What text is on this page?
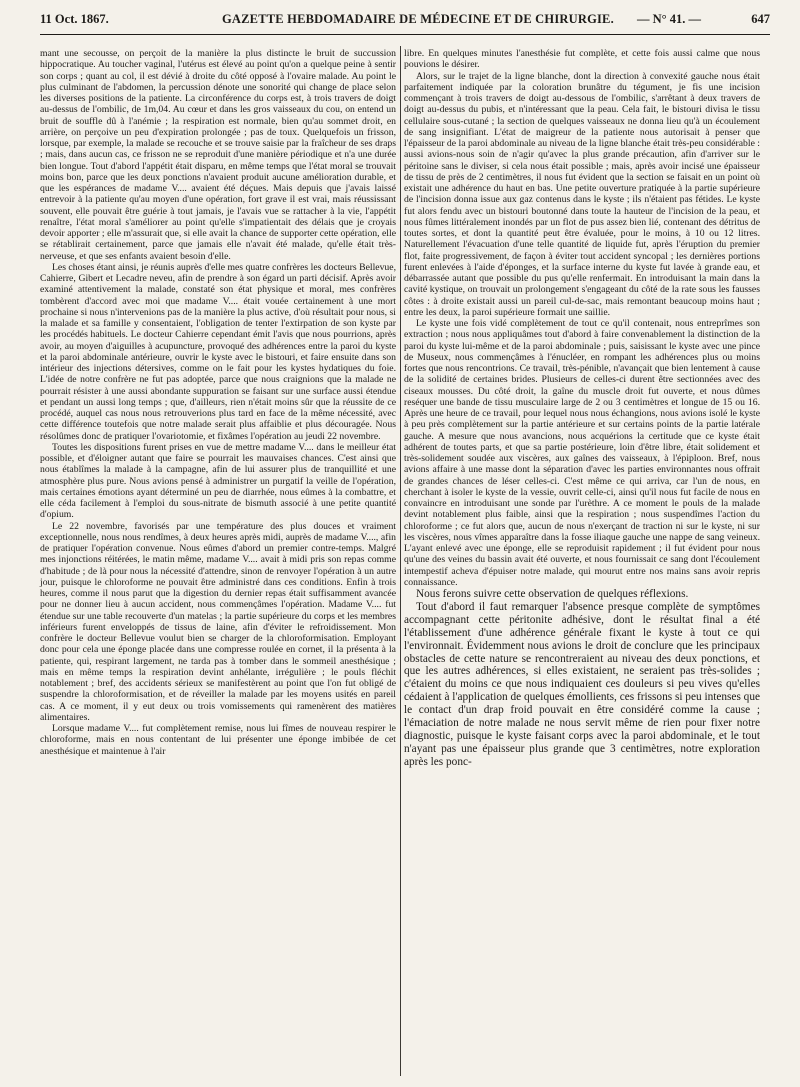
11 Oct. 1867.	GAZETTE HEBDOMADAIRE DE MÉDECINE ET DE CHIRURGIE. — N° 41. —	647

mant une secousse, on perçoit de la manière la plus distincte le bruit de succussion hippocratique. Au toucher vaginal, l'utérus est élevé au point qu'on a quelque peine à sentir son corps ; quant au col, il est dévié à droite du côté opposé à l'ovaire malade. Au point le plus culminant de l'abdomen, la percussion dénote une sonorité qui change de place selon les diverses positions de la patiente. La circonférence du corps est, à trois travers de doigt au-dessus de l'ombilic, de 1m,04. Au cœur et dans les gros vaisseaux du cou, on entend un bruit de souffle dû à l'anémie ; la respiration est normale, bien qu'au sommet droit, en arrière, on perçoive un peu d'expiration prolongée ; pas de toux. Quelquefois un frisson, lorsque, par exemple, la malade se recouche et se trouve saisie par la fraîcheur de ses draps ; mais, dans aucun cas, ce frisson ne se reproduit d'une manière périodique et n'a une durée bien longue. Tout d'abord l'appétit était disparu, en même temps que l'état moral se trouvait moins bon, parce que les deux ponctions n'avaient produit aucune amélioration durable, et que les espérances de madame V.... avaient été déçues. Mais depuis que j'avais laissé entrevoir à la patiente qu'au moyen d'une opération, fort grave il est vrai, mais réussissant souvent, elle pouvait être guérie à tout jamais, je l'avais vue se rattacher à la vie, l'appétit renaître, l'état moral s'améliorer au point qu'elle s'impatientait des délais que je croyais devoir apporter ; elle m'assurait que, si elle avait la chance de supporter cette opération, elle se rétablirait certainement, parce que jamais elle n'avait été malade, qu'elle était très-nerveuse, et que ses enfants avaient besoin d'elle.

Les choses étant ainsi, je réunis auprès d'elle mes quatre confrères les docteurs Bellevue, Cahierre, Gibert et Lecadre neveu, afin de prendre à son égard un parti décisif. Après avoir examiné attentivement la malade, constaté son état physique et moral, mes confrères tombèrent d'accord avec moi que madame V.... était vouée certainement à une mort prochaine si nous n'intervenions pas de la manière la plus active, d'où résultait pour nous, si la malade et sa famille y consentaient, l'obligation de tenter l'extirpation de son kyste par les procédés habituels. Le docteur Cahierre cependant émit l'avis que nous pourrions, après avoir, au moyen d'aiguilles à acupuncture, provoqué des adhérences entre la paroi du kyste et la paroi abdominale antérieure, ouvrir le kyste avec le bistouri, et faire ensuite dans son intérieur des injections détersives, comme on le fait pour les kystes hydatiques du foie. L'idée de notre confrère ne fut pas adoptée, parce que nous craignions que la malade ne pourrait résister à une aussi abondante suppuration se faisant sur une surface aussi étendue et pendant un aussi long temps ; que, d'ailleurs, rien n'était moins sûr que la réussite de ce procédé, auquel cas nous nous retrouverions plus tard en face de la même nécessité, avec cette différence toutefois que notre malade serait plus affaiblie et plus découragée. Nous résolûmes donc de pratiquer l'ovariotomie, et fixâmes l'opération au jeudi 22 novembre.

Toutes les dispositions furent prises en vue de mettre madame V.... dans le meilleur état possible, et d'éloigner autant que faire se pourrait les mauvaises chances. C'est ainsi que nous établîmes la malade à la campagne, afin de lui assurer plus de tranquillité et une atmosphère plus pure. Nous avions pensé à administrer un purgatif la veille de l'opération, mais certaines émotions ayant déterminé un peu de diarrhée, nous eûmes à la combattre, et elle céda facilement à l'emploi du sous-nitrate de bismuth associé à une petite quantité d'opium.

Le 22 novembre, favorisés par une température des plus douces et vraiment exceptionnelle, nous nous rendîmes, à deux heures après midi, auprès de madame V...., afin de pratiquer l'opération convenue. Nous eûmes d'abord un premier contre-temps. Malgré mes injonctions réitérées, le matin même, madame V.... avait à midi pris son repas comme d'habitude ; de là pour nous la nécessité d'attendre, sinon de renvoyer l'opération à un autre jour, puisque le chloroforme ne pouvait être administré dans ces conditions. Enfin à trois heures, comme il nous parut que la digestion du dernier repas était suffisamment avancée pour ne donner lieu à aucun accident, nous commençâmes l'opération. Madame V.... fut étendue sur une table recouverte d'un matelas ; la partie supérieure du corps et les membres inférieurs furent enveloppés de tissus de laine, afin d'éviter le refroidissement. Mon confrère le docteur Bellevue voulut bien se charger de la chloroformisation. Employant donc pour cela une éponge placée dans une compresse roulée en cornet, il la présenta à la patiente, qui, respirant largement, ne tarda pas à tomber dans le sommeil anesthésique ; mais en même temps la respiration devint anhélante, irrégulière ; le pouls fléchit notablement ; bref, des accidents sérieux se manifestèrent au point que l'on fut obligé de suspendre la chloroformisation, et de réveiller la malade par les moyens usités en pareil cas. A ce moment, il y eut deux ou trois vomissements qui ramenèrent des matières alimentaires.

Lorsque madame V.... fut complètement remise, nous lui fîmes de nouveau respirer le chloroforme, mais en nous contentant de lui présenter une éponge imbibée de cet anesthésique et maintenue à l'air

libre. En quelques minutes l'anesthésie fut complète, et cette fois aussi calme que nous pouvions le désirer.

Alors, sur le trajet de la ligne blanche, dont la direction à convexité gauche nous était parfaitement indiquée par la coloration brunâtre du tégument, je fis une incision commençant à trois travers de doigt au-dessous de l'ombilic, s'arrêtant à deux travers de doigt au-dessus du pubis, et n'intéressant que la peau. Cela fait, le bistouri divisa le tissu cellulaire sous-cutané ; la section de quelques vaisseaux ne donna lieu qu'à un écoulement de sang insignifiant. L'état de maigreur de la patiente nous autorisait à penser que l'épaisseur de la paroi abdominale au niveau de la ligne blanche était très-peu considérable : aussi avions-nous soin de n'agir qu'avec la plus grande précaution, afin d'arriver sur le péritoine sans le diviser, si cela nous était possible ; mais, après avoir incisé une épaisseur de tissu de près de 2 centimètres, il nous fut évident que la section se faisait en un point où existait une adhérence du haut en bas. Une petite ouverture pratiquée à la partie supérieure de l'incision donna issue aux gaz contenus dans le kyste ; ils n'étaient pas fétides. Le kyste fut alors fendu avec un bistouri boutonné dans toute la hauteur de l'incision de la peau, et nous fûmes littéralement inondés par un flot de pus assez bien lié, contenant des détritus de toutes sortes, et dont la quantité peut être évaluée, pour le moins, à 10 ou 12 litres. Naturellement l'évacuation d'une telle quantité de liquide fut, après l'éruption du premier flot, faite progressivement, de façon à éviter tout accident syncopal ; les dernières portions furent enlevées à l'aide d'éponges, et la surface interne du kyste fut lavée à grande eau, et débarrassée autant que possible du pus qu'elle renfermait. En introduisant la main dans la cavité kystique, on trouvait un prolongement s'engageant du côté de la rate sous les fausses côtes : à droite existait aussi un pareil cul-de-sac, mais remontant beaucoup moins haut ; entre les deux, la paroi supérieure formait une saillie.

Le kyste une fois vidé complètement de tout ce qu'il contenait, nous entreprîmes son extraction ; nous nous appliquâmes tout d'abord à faire convenablement la distinction de la paroi du kyste lui-même et de la paroi abdominale ; puis, saisissant le kyste avec une pince de Museux, nous commençâmes à l'énucléer, en rompant les adhérences plus ou moins fortes que nous rencontrions. Ce travail, très-pénible, n'avançait que bien lentement à cause de la solidité de certaines brides. Plusieurs de celles-ci durent être sectionnées avec des ciseaux mousses. Du côté droit, la gaîne du muscle droit fut ouverte, et nous dûmes reséquer une bande de tissu musculaire large de 2 ou 3 centimètres et longue de 15 ou 16. Après une heure de ce travail, pour lequel nous nous échangions, nous avions isolé le kyste à peu près complètement sur la partie antérieure et sur certains points de la partie latérale gauche. A mesure que nous avancions, nous acquérions la certitude que ce kyste était adhérent de toutes parts, et que sa partie postérieure, loin d'être libre, était solidement et très-solidement soudée aux viscères, aux gaînes des vaisseaux, à l'épiploon. Bref, nous avions affaire à une masse dont la séparation d'avec les parties environnantes nous offrait de grandes chances de léser celles-ci. C'est même ce qui arriva, car l'un de nous, en cherchant à isoler le kyste de la vessie, ouvrit celle-ci, ainsi qu'il nous fut facile de nous en convaincre en introduisant une sonde par l'urèthre. A ce moment le pouls de la malade devint notablement plus faible, ainsi que la respiration ; nous suspendîmes l'action du chloroforme ; ce fut alors que, aucun de nous n'exerçant de traction ni sur le kyste, ni sur les viscères, nous vîmes apparaître dans la fosse iliaque gauche une nappe de sang veineux. L'ayant enlevé avec une éponge, elle se reproduisit rapidement ; il fut évident pour nous qu'une des veines du bassin avait été ouverte, et nous fournissait ce sang dont l'écoulement intempestif acheva d'épuiser notre malade, qui mourut entre nos mains sans avoir repris connaissance.

Nous ferons suivre cette observation de quelques réflexions.

Tout d'abord il faut remarquer l'absence presque complète de symptômes accompagnant cette péritonite adhésive, dont le résultat final a été l'établissement d'une adhérence générale fixant le kyste à tout ce qui l'environnait. Évidemment nous avions le droit de conclure que les principaux obstacles de cette nature se rencontreraient au niveau des deux ponctions, et que les autres adhérences, si elles existaient, ne seraient pas très-solides ; c'étaient du moins ce que nous indiquaient ces douleurs si peu vives qu'elles cédaient à l'application de quelques émollients, ces frissons si peu intenses que le contact d'un drap froid pouvait en être considéré comme la cause ; l'émaciation de notre malade ne nous servit même de rien pour fixer notre diagnostic, puisque le kyste faisant corps avec la paroi abdominale, et le tout n'ayant pas une épaisseur plus grande que 3 centimètres, notre exploration après les ponc-
